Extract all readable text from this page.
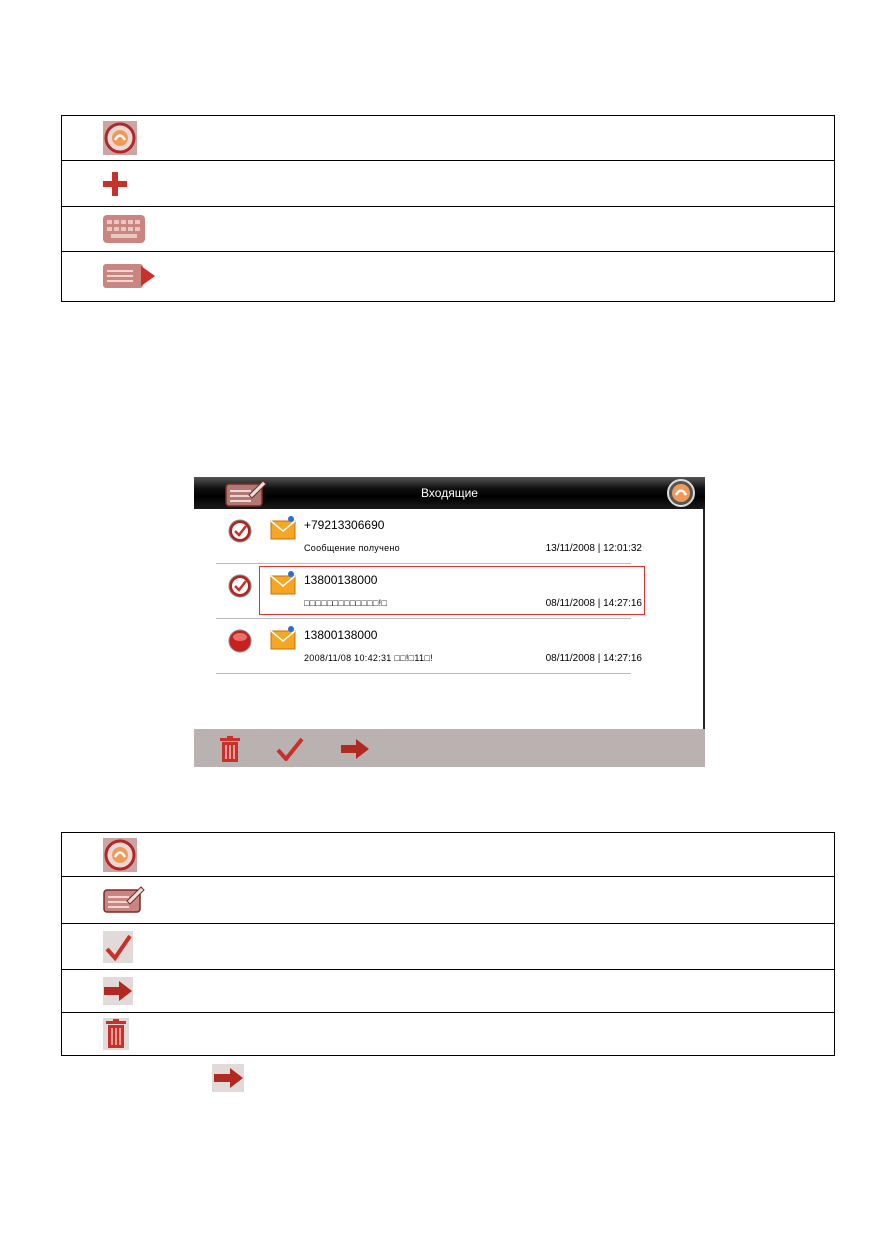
Входящие
+79213306690
Сообщение получено	13/11/2008 | 12:01:32
13800138000
□□□□□□□□□□□□□!□	08/11/2008 | 14:27:16
13800138000
2008/11/08 10:42:31 □□!□11□!	08/11/2008 | 14:27:16
